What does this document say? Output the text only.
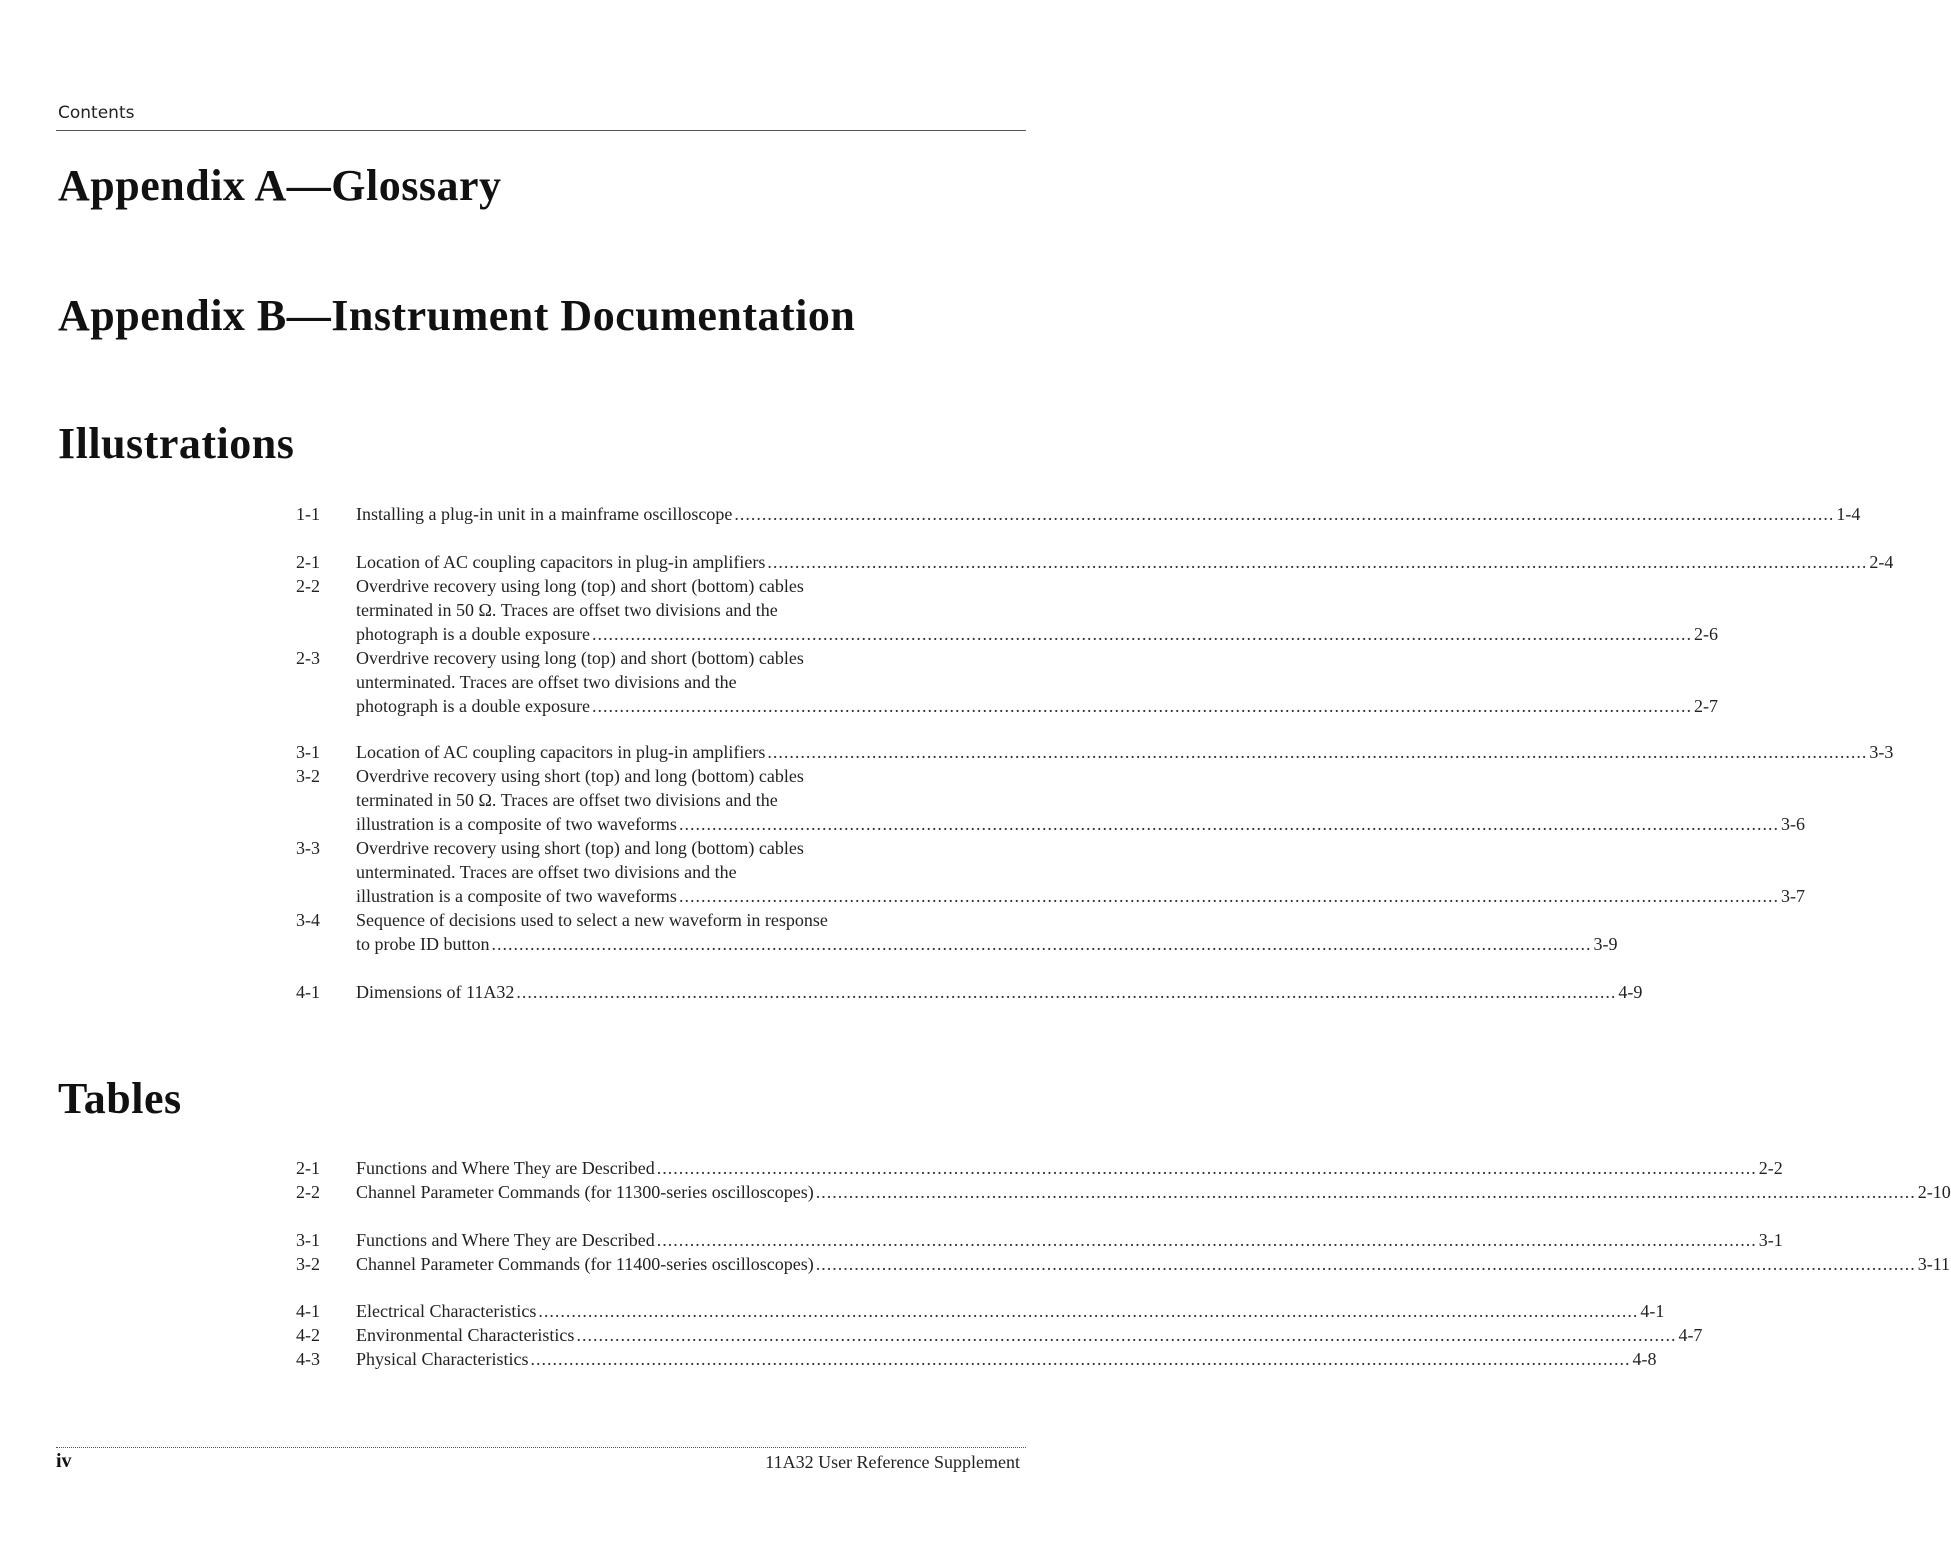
Contents
Appendix A—Glossary
Appendix B—Instrument Documentation
Illustrations
1-1	Installing a plug-in unit in a mainframe oscilloscope ........................................................................................................................................................................................................ 1-4
2-1	Location of AC coupling capacitors in plug-in amplifiers ........................................................................................................................................................................................................ 2-4
2-2	Overdrive recovery using long (top) and short (bottom) cables
terminated in 50 Ω. Traces are offset two divisions and the
photograph is a double exposure ........................................................................................................................................................................................................ 2-6
2-3	Overdrive recovery using long (top) and short (bottom) cables
unterminated. Traces are offset two divisions and the
photograph is a double exposure ........................................................................................................................................................................................................ 2-7
3-1	Location of AC coupling capacitors in plug-in amplifiers ........................................................................................................................................................................................................ 3-3
3-2	Overdrive recovery using short (top) and long (bottom) cables
terminated in 50 Ω. Traces are offset two divisions and the
illustration is a composite of two waveforms ........................................................................................................................................................................................................ 3-6
3-3	Overdrive recovery using short (top) and long (bottom) cables
unterminated. Traces are offset two divisions and the
illustration is a composite of two waveforms ........................................................................................................................................................................................................ 3-7
3-4	Sequence of decisions used to select a new waveform in response
to probe ID button ........................................................................................................................................................................................................ 3-9
4-1	Dimensions of 11A32 ........................................................................................................................................................................................................ 4-9
Tables
2-1	Functions and Where They are Described ........................................................................................................................................................................................................ 2-2
2-2	Channel Parameter Commands (for 11300-series oscilloscopes) ........................................................................................................................................................................................................ 2-10
3-1	Functions and Where They are Described ........................................................................................................................................................................................................ 3-1
3-2	Channel Parameter Commands (for 11400-series oscilloscopes) ........................................................................................................................................................................................................ 3-11
4-1	Electrical Characteristics ........................................................................................................................................................................................................ 4-1
4-2	Environmental Characteristics ........................................................................................................................................................................................................ 4-7
4-3	Physical Characteristics ........................................................................................................................................................................................................ 4-8
iv	11A32 User Reference Supplement
